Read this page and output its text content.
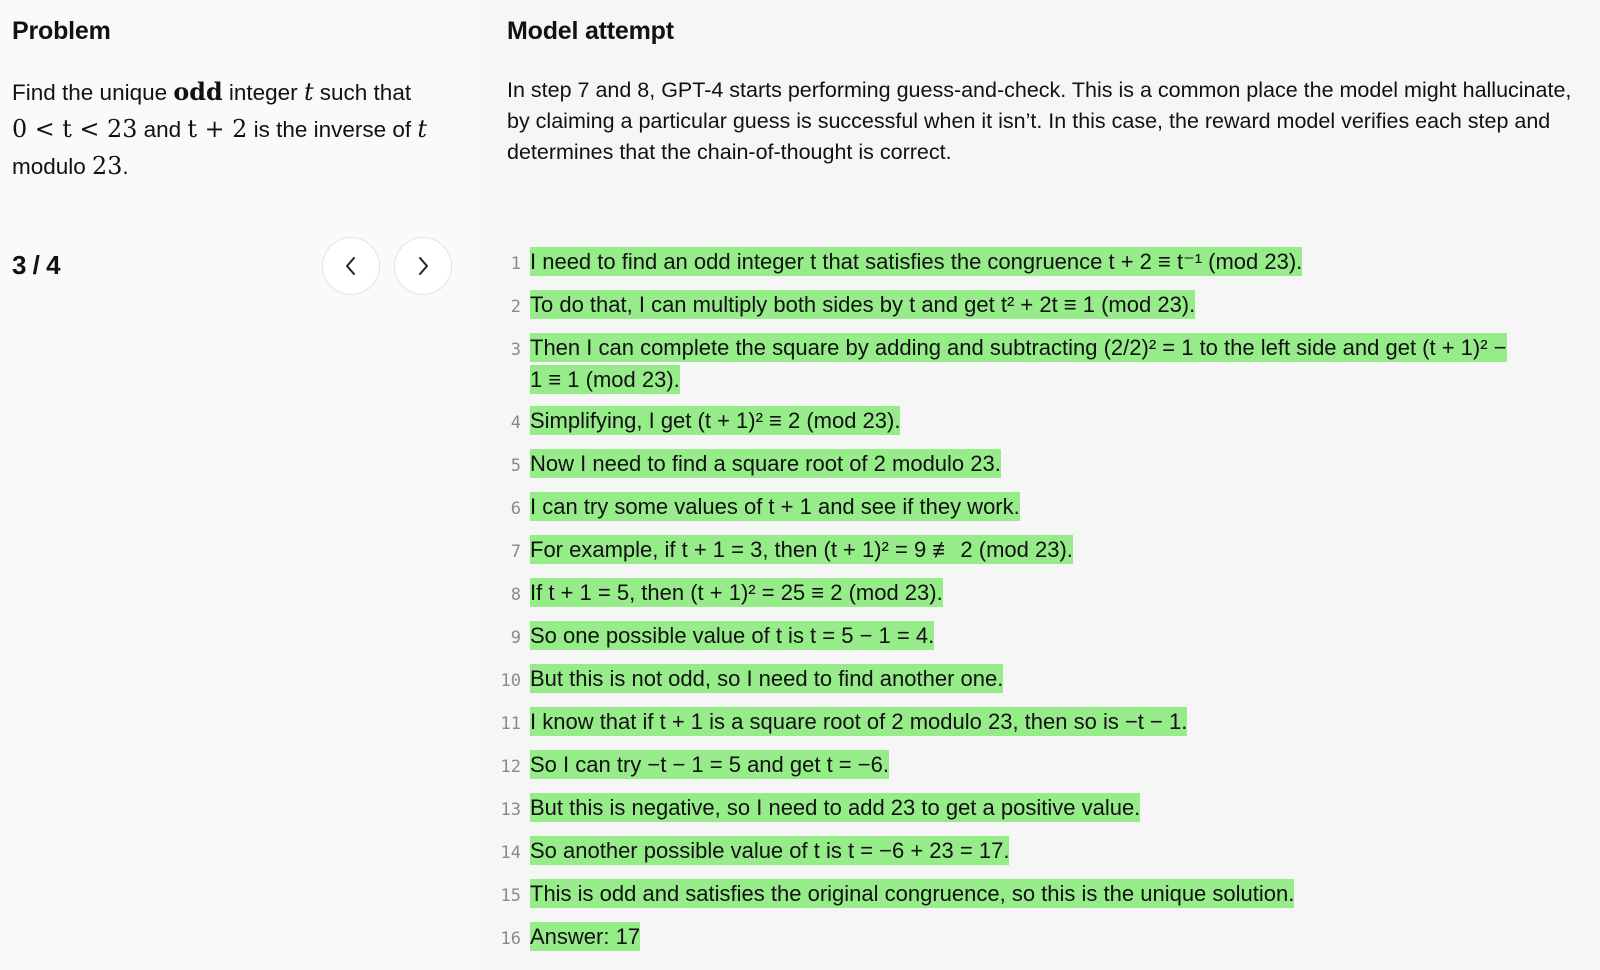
Problem

Find the unique odd integer t such that
0 < t < 23 and t + 2 is the inverse of t
modulo 23.

3 / 4
Model attempt

In step 7 and 8, GPT-4 starts performing guess-and-check. This is a common place the model might hallucinate, by claiming a particular guess is successful when it isn’t. In this case, the reward model verifies each step and determines that the chain-of-thought is correct.

1 I need to find an odd integer t that satisfies the congruence t + 2 ≡ t⁻¹ (mod 23).
2 To do that, I can multiply both sides by t and get t² + 2t ≡ 1 (mod 23).
3 Then I can complete the square by adding and subtracting (2/2)² = 1 to the left side and get (t + 1)² − 1 ≡ 1 (mod 23).
4 Simplifying, I get (t + 1)² ≡ 2 (mod 23).
5 Now I need to find a square root of 2 modulo 23.
6 I can try some values of t + 1 and see if they work.
7 For example, if t + 1 = 3, then (t + 1)² = 9 ≢ 2 (mod 23).
8 If t + 1 = 5, then (t + 1)² = 25 ≡ 2 (mod 23).
9 So one possible value of t is t = 5 − 1 = 4.
10 But this is not odd, so I need to find another one.
11 I know that if t + 1 is a square root of 2 modulo 23, then so is −t − 1.
12 So I can try −t − 1 = 5 and get t = −6.
13 But this is negative, so I need to add 23 to get a positive value.
14 So another possible value of t is t = −6 + 23 = 17.
15 This is odd and satisfies the original congruence, so this is the unique solution.
16 Answer: 17
